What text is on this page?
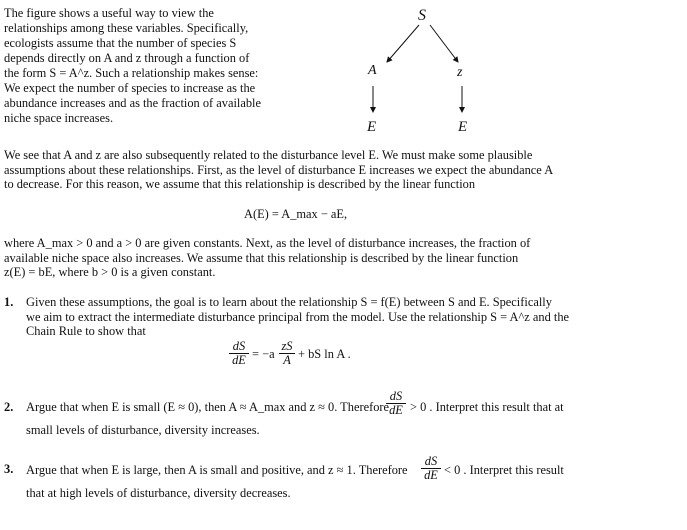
The figure shows a useful way to view the
relationships among these variables. Specifically,
ecologists assume that the number of species S
depends directly on A and z through a function of
the form S = A^z. Such a relationship makes sense:
We expect the number of species to increase as the
abundance increases and as the fraction of available
niche space increases.
S
A	z
E	E
We see that A and z are also subsequently related to the disturbance level E. We must make some plausible
assumptions about these relationships. First, as the level of disturbance E increases we expect the abundance A
to decrease. For this reason, we assume that this relationship is described by the linear function
A(E) = A_max − aE,
where A_max > 0 and a > 0 are given constants. Next, as the level of disturbance increases, the fraction of
available niche space also increases. We assume that this relationship is described by the linear function
z(E) = bE, where b > 0 is a given constant.
1. Given these assumptions, the goal is to learn about the relationship S = f(E) between S and E. Specifically
we aim to extract the intermediate disturbance principal from the model. Use the relationship S = A^z and the
Chain Rule to show that
$\frac{dS}{dE} = -a \frac{zS}{A}$ + bS ln A .
2. Argue that when E is small (E ≈ 0), then A ≈ A_max and z ≈ 0. Therefore
$\frac{dS}{dE} > 0$ . Interpret this result that at
small levels of disturbance, diversity increases.
3. Argue that when E is large, then A is small and positive, and z ≈ 1. Therefore $\frac{dS}{dE} < 0$ . Interpret this result
that at high levels of disturbance, diversity decreases.
